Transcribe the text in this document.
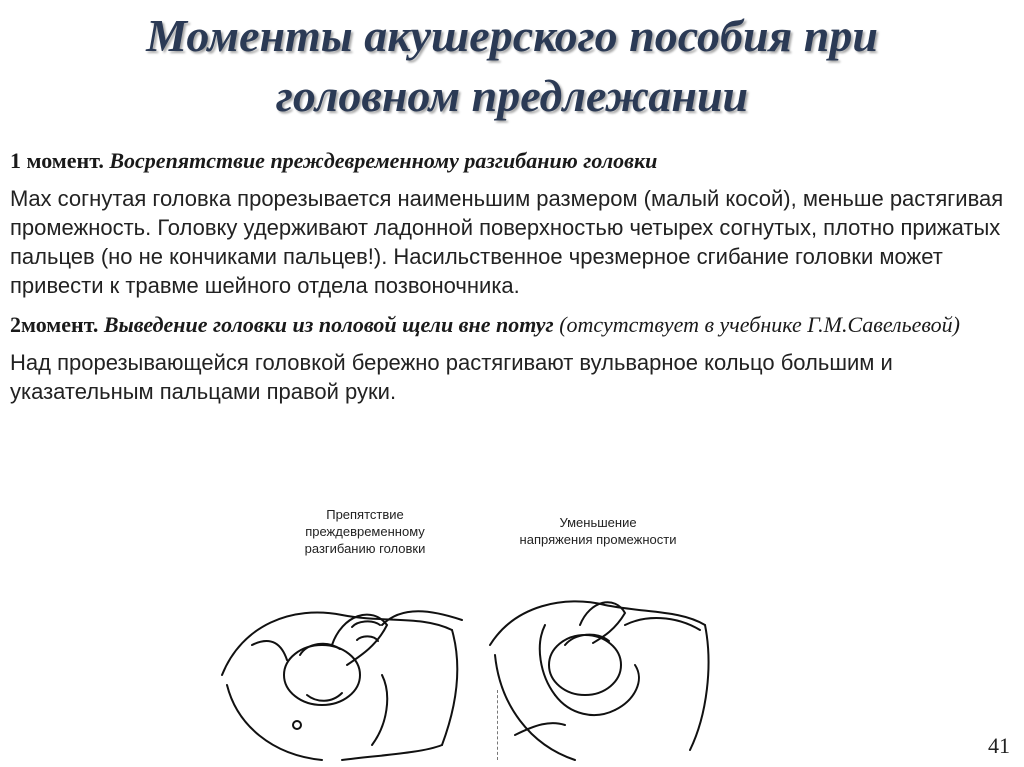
Моменты акушерского пособия при
головном предлежании

1 момент. Восрепятствие преждевременному разгибанию головки

Max согнутая головка прорезывается наименьшим размером (малый косой), меньше растягивая промежность. Головку удерживают ладонной поверхностью четырех согнутых, плотно прижатых пальцев (но не кончиками пальцев!). Насильственное чрезмерное сгибание головки может привести к травме шейного отдела позвоночника.

2момент. Выведение головки из половой щели вне потуг (отсутствует в учебнике Г.М.Савельевой)

Над прорезывающейся головкой бережно растягивают вульварное кольцо большим и указательным пальцами правой руки.

Препятствие
преждевременному
разгибанию головки
Уменьшение
напряжения промежности
41
